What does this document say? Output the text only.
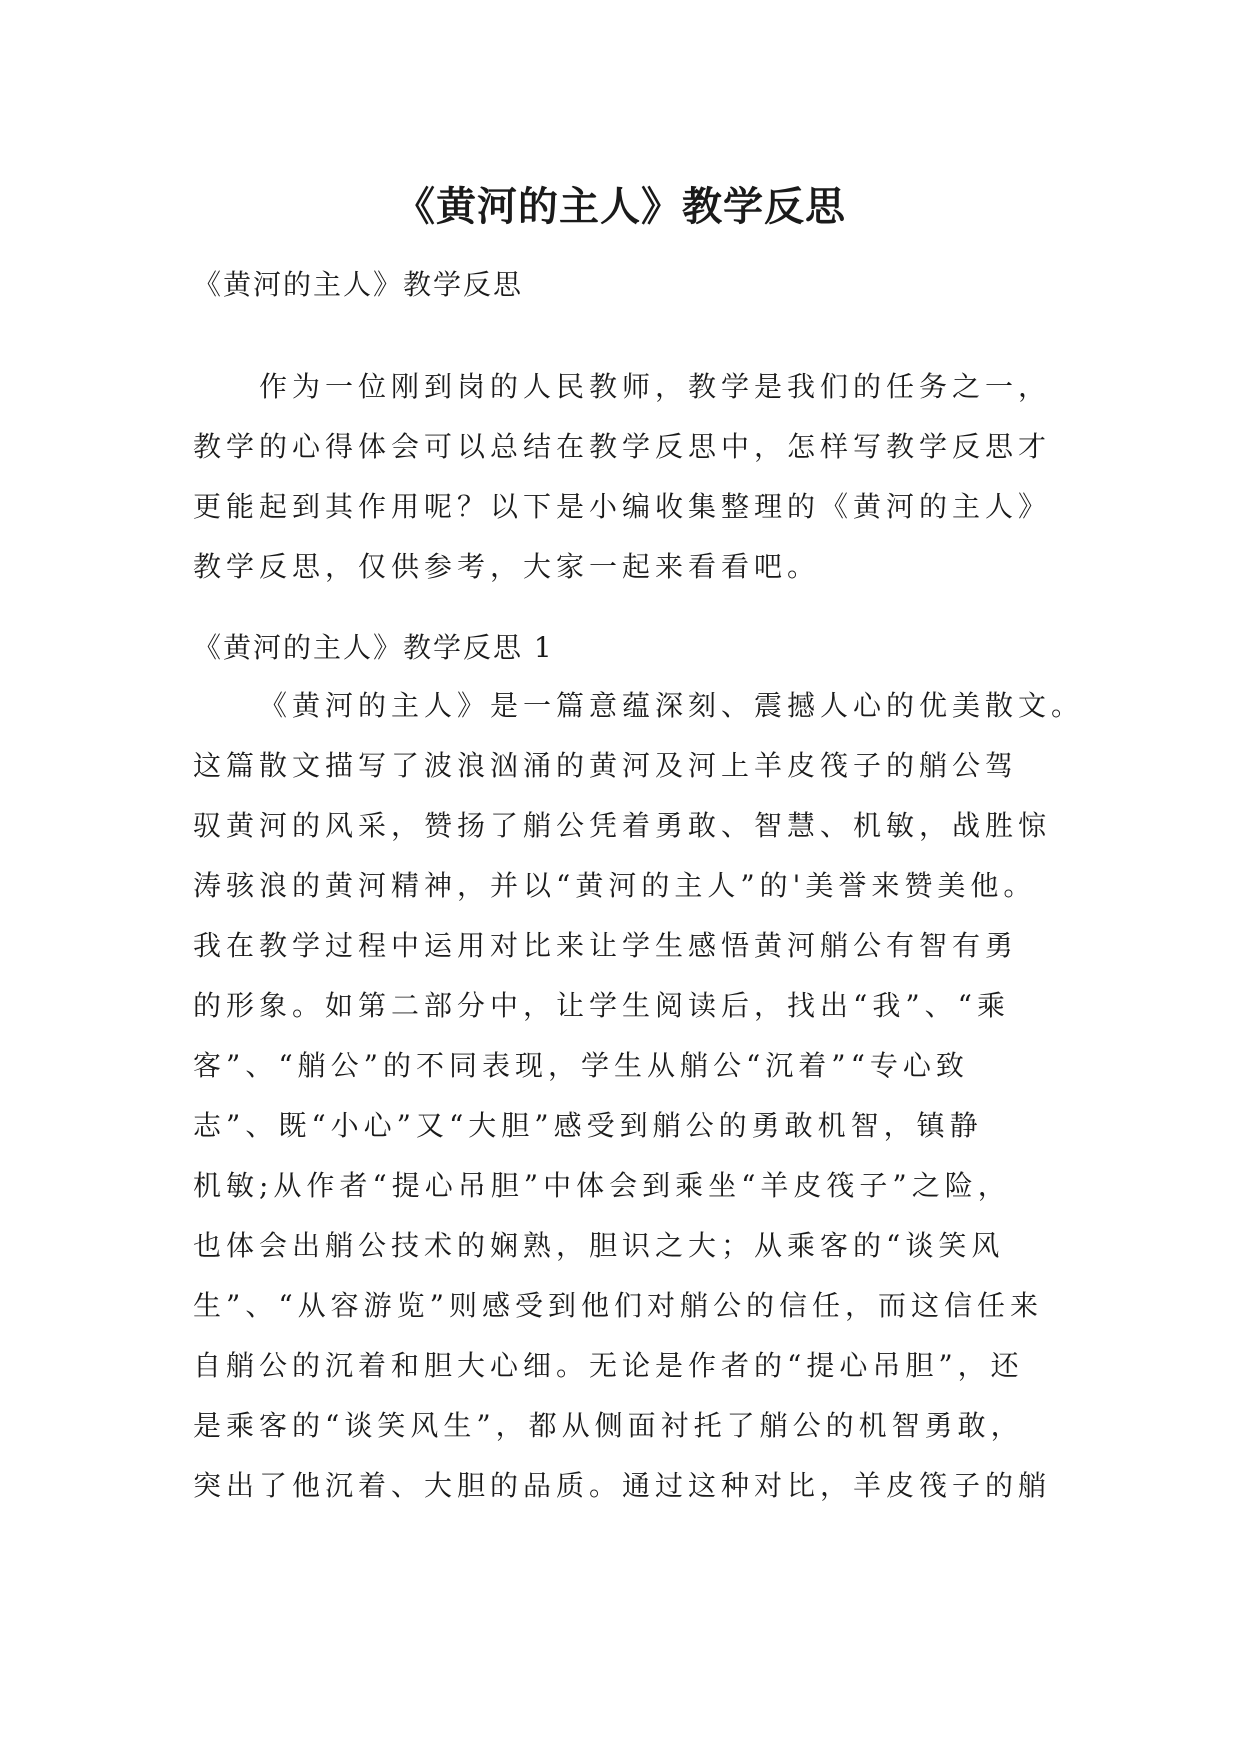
《黄河的主人》教学反思
《黄河的主人》教学反思
作为一位刚到岗的人民教师，教学是我们的任务之一，
教学的心得体会可以总结在教学反思中，怎样写教学反思才
更能起到其作用呢？以下是小编收集整理的《黄河的主人》
教学反思，仅供参考，大家一起来看看吧。
《黄河的主人》教学反思 1
《黄河的主人》是一篇意蕴深刻、震撼人心的优美散文。
这篇散文描写了波浪汹涌的黄河及河上羊皮筏子的艄公驾
驭黄河的风采，赞扬了艄公凭着勇敢、智慧、机敏，战胜惊
涛骇浪的黄河精神，并以“黄河的主人”的'美誉来赞美他。
我在教学过程中运用对比来让学生感悟黄河艄公有智有勇
的形象。如第二部分中，让学生阅读后，找出“我”、“乘
客”、“艄公”的不同表现，学生从艄公“沉着”“专心致
志”、既“小心”又“大胆”感受到艄公的勇敢机智，镇静
机敏;从作者“提心吊胆”中体会到乘坐“羊皮筏子”之险，
也体会出艄公技术的娴熟，胆识之大；从乘客的“谈笑风
生”、“从容游览”则感受到他们对艄公的信任，而这信任来
自艄公的沉着和胆大心细。无论是作者的“提心吊胆”，还
是乘客的“谈笑风生”，都从侧面衬托了艄公的机智勇敢，
突出了他沉着、大胆的品质。通过这种对比，羊皮筏子的艄
